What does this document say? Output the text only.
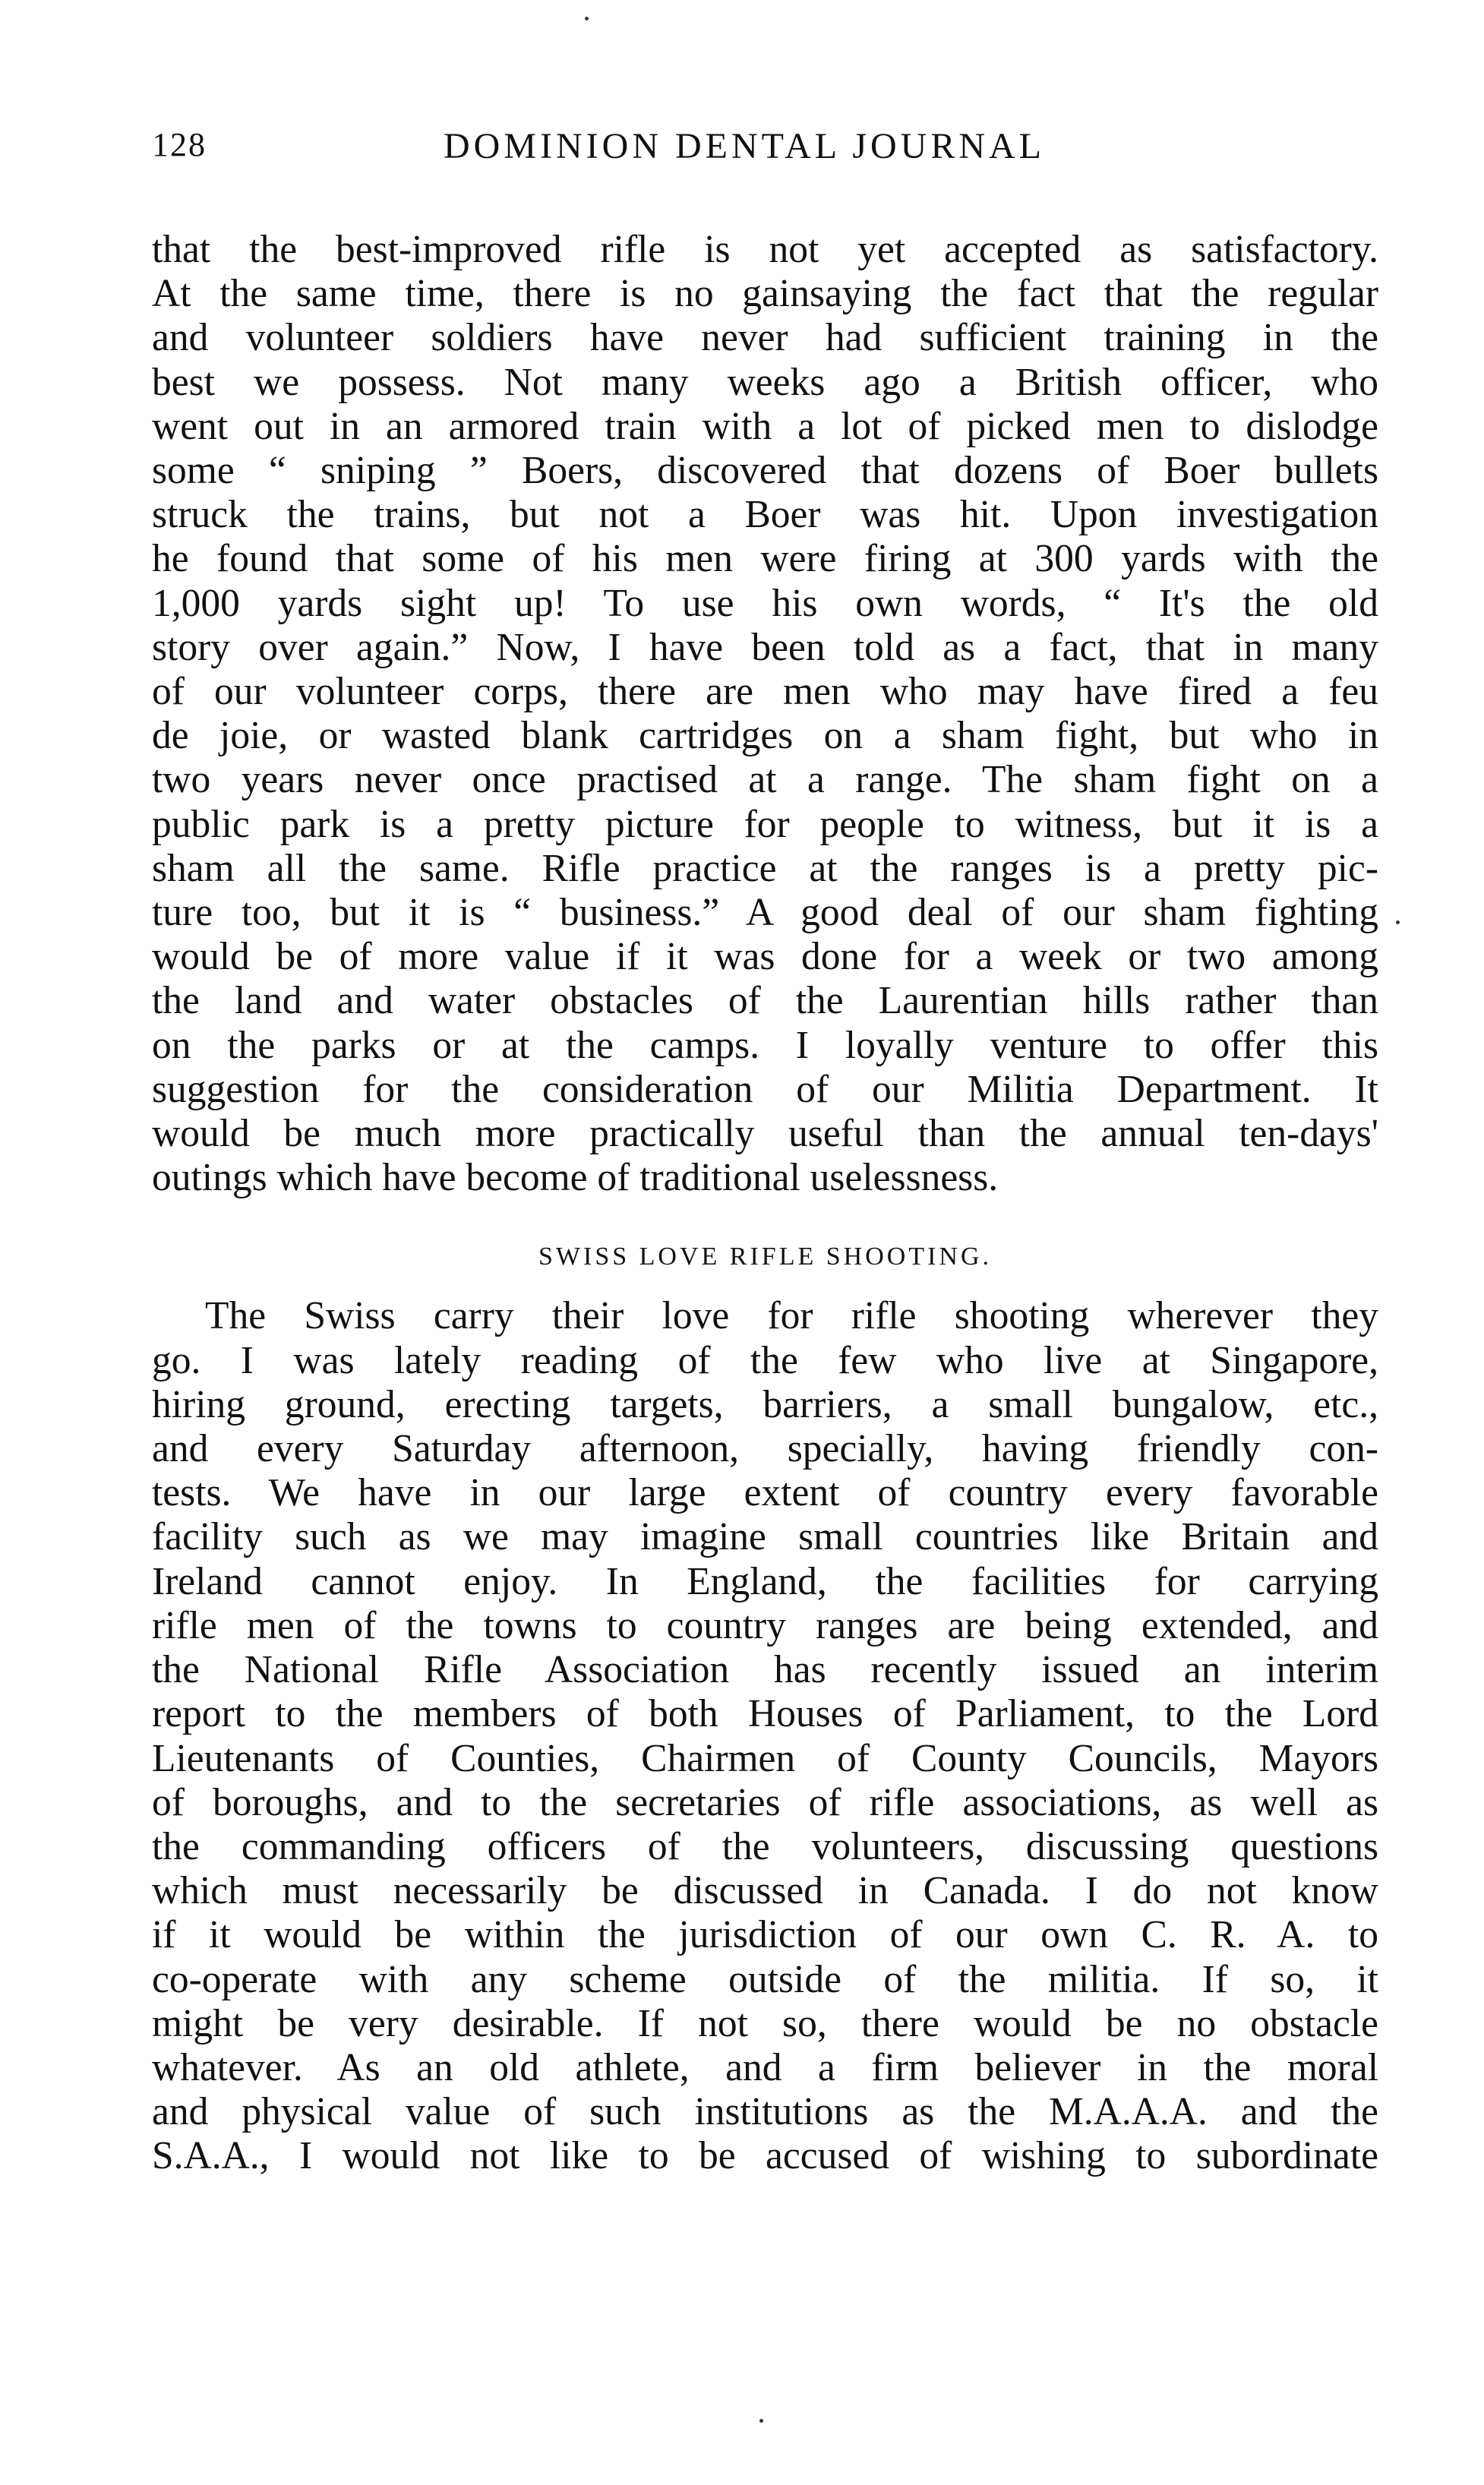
128	DOMINION DENTAL JOURNAL

that the best-improved rifle is not yet accepted as satisfactory.
At the same time, there is no gainsaying the fact that the regular
and volunteer soldiers have never had sufficient training in the
best we possess. Not many weeks ago a British officer, who
went out in an armored train with a lot of picked men to dislodge
some “ sniping ” Boers, discovered that dozens of Boer bullets
struck the trains, but not a Boer was hit. Upon investigation
he found that some of his men were firing at 300 yards with the
1,000 yards sight up! To use his own words, “ It's the old
story over again.” Now, I have been told as a fact, that in many
of our volunteer corps, there are men who may have fired a feu
de joie, or wasted blank cartridges on a sham fight, but who in
two years never once practised at a range. The sham fight on a
public park is a pretty picture for people to witness, but it is a
sham all the same. Rifle practice at the ranges is a pretty pic-
ture too, but it is “ business.” A good deal of our sham fighting
would be of more value if it was done for a week or two among
the land and water obstacles of the Laurentian hills rather than
on the parks or at the camps. I loyally venture to offer this
suggestion for the consideration of our Militia Department. It
would be much more practically useful than the annual ten-days'
outings which have become of traditional uselessness.

SWISS LOVE RIFLE SHOOTING.

The Swiss carry their love for rifle shooting wherever they
go. I was lately reading of the few who live at Singapore,
hiring ground, erecting targets, barriers, a small bungalow, etc.,
and every Saturday afternoon, specially, having friendly con-
tests. We have in our large extent of country every favorable
facility such as we may imagine small countries like Britain and
Ireland cannot enjoy. In England, the facilities for carrying
rifle men of the towns to country ranges are being extended, and
the National Rifle Association has recently issued an interim
report to the members of both Houses of Parliament, to the Lord
Lieutenants of Counties, Chairmen of County Councils, Mayors
of boroughs, and to the secretaries of rifle associations, as well as
the commanding officers of the volunteers, discussing questions
which must necessarily be discussed in Canada. I do not know
if it would be within the jurisdiction of our own C. R. A. to
co-operate with any scheme outside of the militia. If so, it
might be very desirable. If not so, there would be no obstacle
whatever. As an old athlete, and a firm believer in the moral
and physical value of such institutions as the M.A.A.A. and the
S.A.A., I would not like to be accused of wishing to subordinate
